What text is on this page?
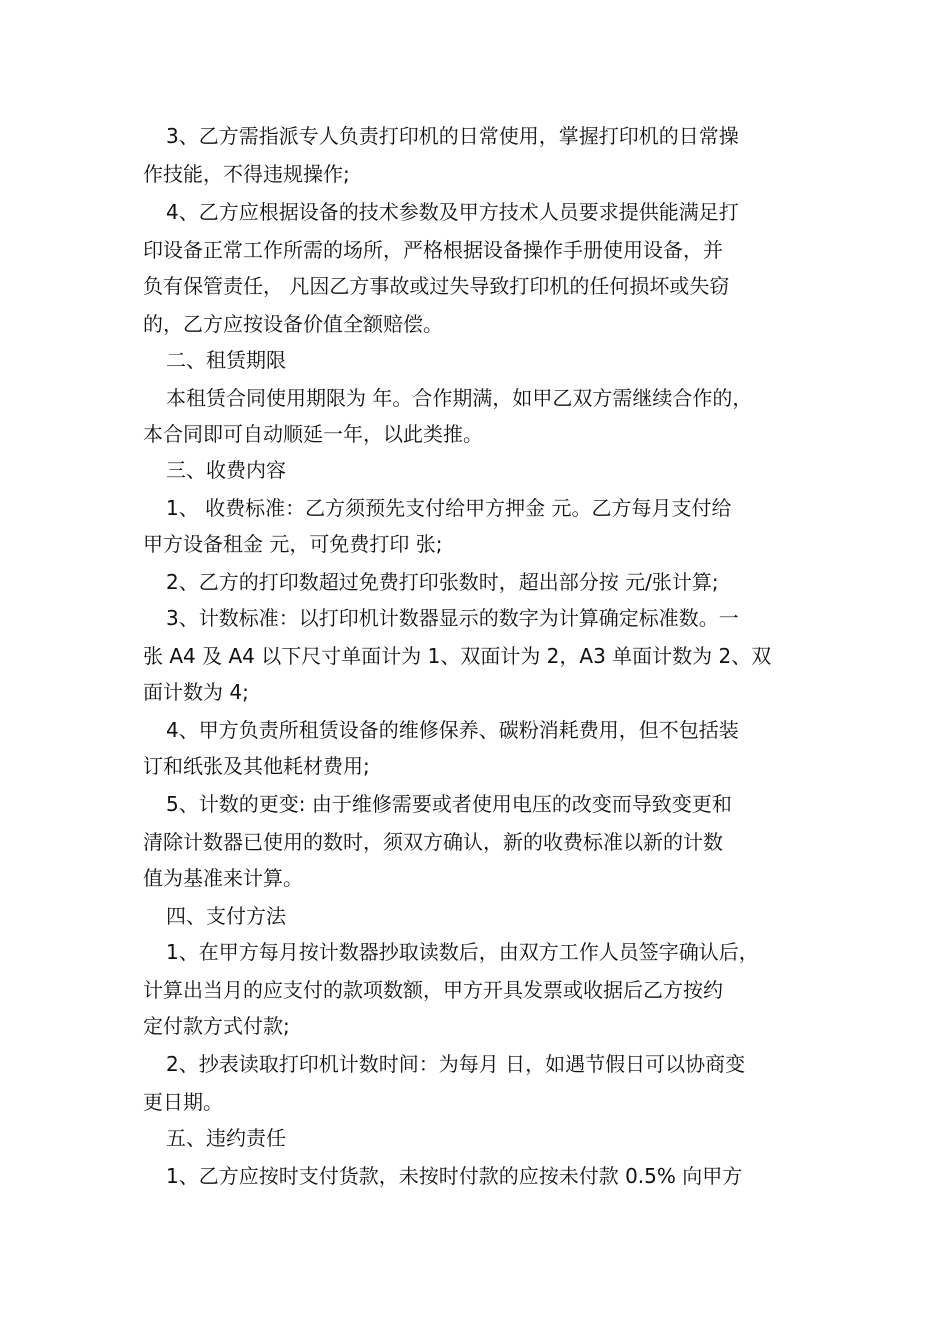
3、乙方需指派专人负责打印机的日常使用，掌握打印机的日常操
作技能，不得违规操作;
4、乙方应根据设备的技术参数及甲方技术人员要求提供能满足打
印设备正常工作所需的场所，严格根据设备操作手册使用设备，并
负有保管责任， 凡因乙方事故或过失导致打印机的任何损坏或失窃
的，乙方应按设备价值全额赔偿。
二、租赁期限
本租赁合同使用期限为 年。合作期满，如甲乙双方需继续合作的，
本合同即可自动顺延一年，以此类推。
三、收费内容
1、 收费标准：乙方须预先支付给甲方押金 元。乙方每月支付给
甲方设备租金 元，可免费打印 张;
2、乙方的打印数超过免费打印张数时，超出部分按 元/张计算;
3、计数标准：以打印机计数器显示的数字为计算确定标准数。一
张 A4 及 A4 以下尺寸单面计为 1、双面计为 2，A3 单面计数为 2、双
面计数为 4;
4、甲方负责所租赁设备的维修保养、碳粉消耗费用，但不包括装
订和纸张及其他耗材费用;
5、计数的更变: 由于维修需要或者使用电压的改变而导致变更和
清除计数器已使用的数时，须双方确认，新的收费标准以新的计数
值为基准来计算。
四、支付方法
1、在甲方每月按计数器抄取读数后，由双方工作人员签字确认后，
计算出当月的应支付的款项数额，甲方开具发票或收据后乙方按约
定付款方式付款;
2、抄表读取打印机计数时间：为每月 日，如遇节假日可以协商变
更日期。
五、违约责任
1、乙方应按时支付货款，未按时付款的应按未付款 0.5% 向甲方
